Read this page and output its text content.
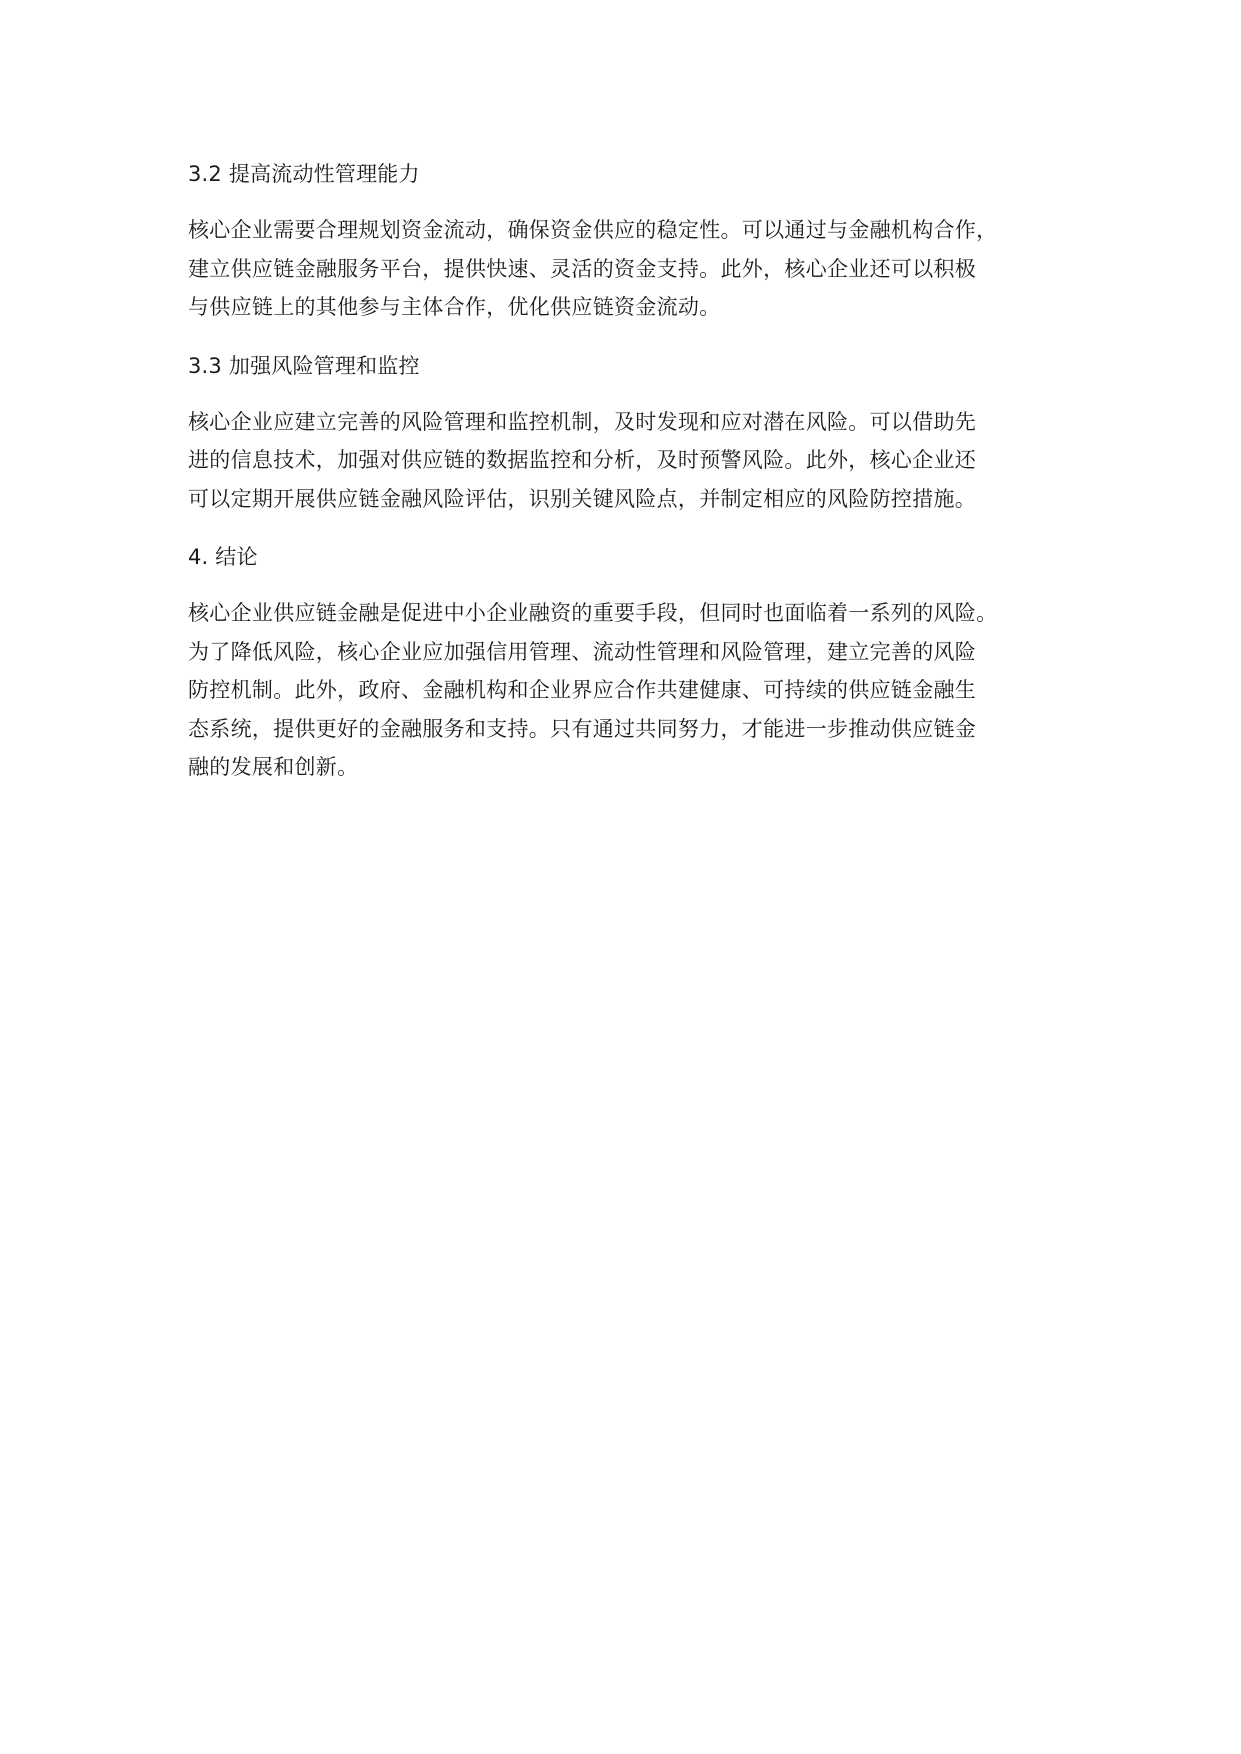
3.2 提高流动性管理能力

核心企业需要合理规划资金流动，确保资金供应的稳定性。可以通过与金融机构合作，
建立供应链金融服务平台，提供快速、灵活的资金支持。此外，核心企业还可以积极
与供应链上的其他参与主体合作，优化供应链资金流动。

3.3 加强风险管理和监控

核心企业应建立完善的风险管理和监控机制，及时发现和应对潜在风险。可以借助先
进的信息技术，加强对供应链的数据监控和分析，及时预警风险。此外，核心企业还
可以定期开展供应链金融风险评估，识别关键风险点，并制定相应的风险防控措施。

4. 结论

核心企业供应链金融是促进中小企业融资的重要手段，但同时也面临着一系列的风险。
为了降低风险，核心企业应加强信用管理、流动性管理和风险管理，建立完善的风险
防控机制。此外，政府、金融机构和企业界应合作共建健康、可持续的供应链金融生
态系统，提供更好的金融服务和支持。只有通过共同努力，才能进一步推动供应链金
融的发展和创新。
